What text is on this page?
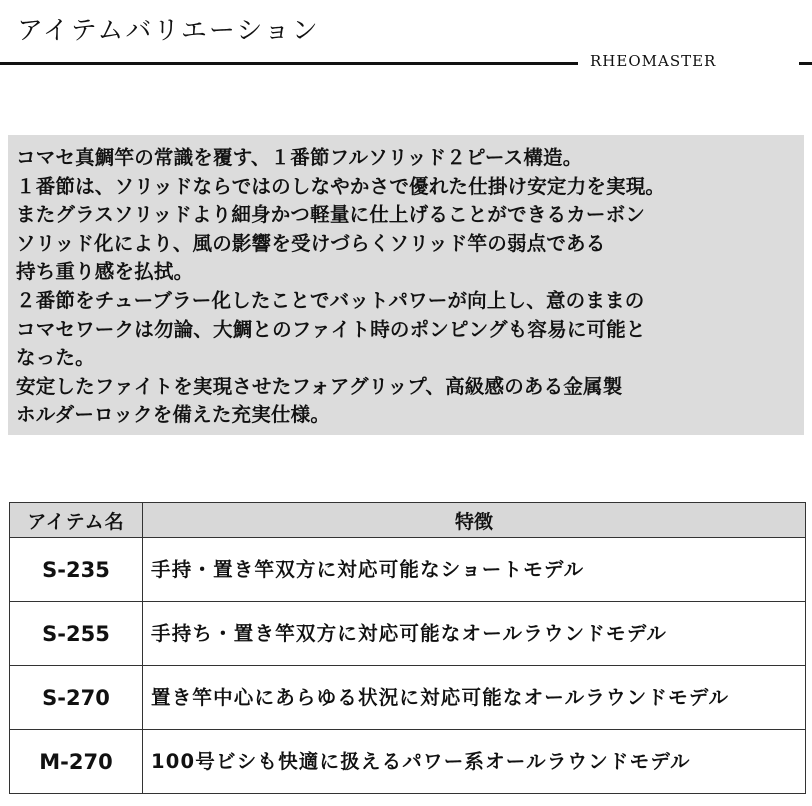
アイテムバリエーション
RHEOMASTER
コマセ真鯛竿の常識を覆す、１番節フルソリッド２ピース構造。
１番節は、ソリッドならではのしなやかさで優れた仕掛け安定力を実現。
またグラスソリッドより細身かつ軽量に仕上げることができるカーボン
ソリッド化により、風の影響を受けづらくソリッド竿の弱点である
持ち重り感を払拭。
２番節をチューブラー化したことでバットパワーが向上し、意のままの
コマセワークは勿論、大鯛とのファイト時のポンピングも容易に可能と
なった。
安定したファイトを実現させたフォアグリップ、高級感のある金属製
ホルダーロックを備えた充実仕様。
アイテム名	特徴
S-235	手持・置き竿双方に対応可能なショートモデル
S-255	手持ち・置き竿双方に対応可能なオールラウンドモデル
S-270	置き竿中心にあらゆる状況に対応可能なオールラウンドモデル
M-270	100号ビシも快適に扱えるパワー系オールラウンドモデル
